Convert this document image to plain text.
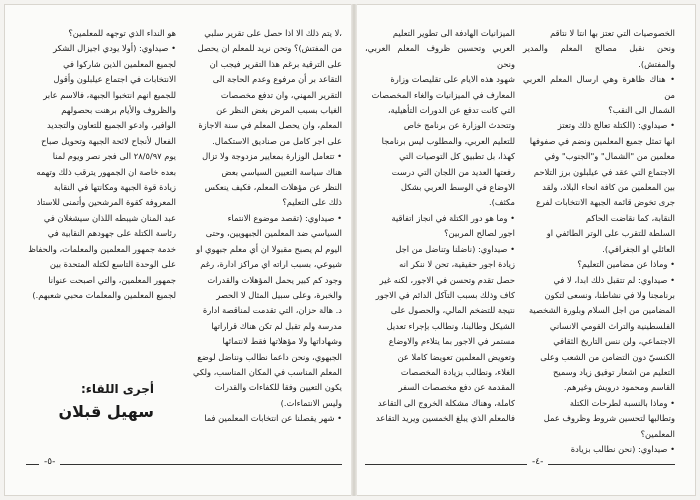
،لا يتم ذلك الا اذا حصل على تقرير سلبي
من المفتش)؟ وتحن نريد للمعلم ان يحصل
على الترقية برغم هذا التقرير فيجب ان
التقاعد بر أن مرفوع وعدم الحاجة الى
التقرير المهني، وان تدفع مخصصات
الغياب بسبب المرض بغض النظر عن
المعلم، وان يحصل المعلم في سنة الاجازة
على اجر كامل من صناديق الاستكمال.
• تتعامل الوزارة بمعايير مزدوجة ولا تزال
هناك سياسة التعيين السياسي بعض
النظر عن مؤهلات المعلم، فكيف ينعكس
ذلك على التعليم؟
• صيداوي: (تقصد موضوع الانتماء
السياسي ضد المعلمين الجبهويين، وحتى
اليوم لم يصبح مقبولا ان أي معلم جبهوي او
شيوعي، بسبب اراته اي مراكز ادارة، رغم
وجود كم كبير يحمل المؤهلات والقدرات
والخبرة، وعلى سبيل المثال لا الحصر
د. هالة حزان، التي تقدمت لمناقصة ادارة
مدرسة ولم تقبل لم تكن هناك قراراتها
وشهاداتها ولا مؤهلاتها فقط لانتمائها
الجبهوي، ونحن داعما نطالب ونناضل لوضع
المعلم المناسب في المكان المناسب، ولكي
يكون التعيين وفقا للكفاءات والقدرات
وليس الانتماءات.)
• شهر يقصلنا عن انتخابات المعلمين فما
هو النداء الذي توجهه للمعلمين؟
• صيداوي: (أولا يودي اجيزال الشكر
لجميع المعلمين الذين شاركوا في
الانتخابات في اجتماع عيلبلون وأقول
للجميع انهم انتخبوا الجبهة، فالاسم عابر
والظروف والأيام برهنت بحصولهم
الوافير، وادعو الجميع للتعاون والتجديد
الفعال لأنجاح لائحة الجبهة وتحويل صباح
يوم ٢٨/٥/٩٧ الى فجر نصر ويوم لمنا
بعده خاصة ان الجمهور يترقب ذلك وتهمه
زيادة قوة الجبهة ومكانتها في النقابة
المعروفة كقوة المرشحين وأتمنى للاستاذ
عبد المنان شيبطه اللذان سيشغلان في
رئاسة الكتلة على جهودهم النقابية في
خدمة جمهور المعلمين والمعلمات، والحفاظ
على الوحدة التاسع لكتلة المتحدة بين
جمهور المعلمين، والتي اصبحت عنوانا
لجميع المعلمين والمعلمات محبي شعبهم.)
أجرى اللقاء:
سهيل قبلان
-٥-
الخصوصيات التي تعتز بها انتا لا نتاقم
ونحن نقبل مصالح المعلم والمدير والمفتش).
• هناك ظاهرة وهي ارسال المعلم العربي من
الشمال الى النقب؟
• صيداوي: (الكتلة تعالج ذلك وتعتز
انها تمثل جميع المعلمين ونضم في صفوفها
معلمين من "الشمال" و"الجنوب" وفي
الاجتماع التي عقد في عيلبلون برز التلاحم
بين المعلمين من كافة انحاء البلاد، ولقد
جرى تخوض قائمة الجبهة الانتخابات لفرع
النقابة، كما نقاضت الحاكم
السلطة للتقرب على الوتر الطائفي او
العائلي او الجغرافي).
• وماذا عن مضامين التعليم؟
• صيداوي: لم تتقبل ذلك ابدا، لا في
برنامجنا ولا في نشاطنا، ونسعى لتكون
المضامين من اجل السلام وبلورة الشخصية
الفلسطينية والتراث القومي الانساني
الاجتماعي، ولن ننس التاريخ الثقافي
الكنسيّ دون التضامن من الشعب وعلى
التعليم من اشعار توفيق زياد وسميح
القاسم ومحمود درويش وغيرهم.
• وماذا بالنسبة لطرحات الكتلة
وتطالبها لتحسين شروط وظروف عمل
المعلمين؟
• صيداوي: (نحن نطالب بزيادة
الميزانيات الهادفة الى تطوير التعليم
العربي وتحسين ظروف المعلم العربي، ونحن
شهود هذه الايام على تقليصات وزارة
المعارف في الميزانيات والغاء المخصصات
التي كانت تدفع عن الدورات التأهيلية،
وتتحدث الوزارة عن برنامج خاص
للتعليم العربي، والمطلوب ليس برنامجا
كهذا، بل تطبيق كل التوصيات التي
رفعتها العديد من اللجان التي درست
الاوضاع في الوسط العربي بشكل
مكثف).
• وما هو دور الكتلة في انجاز اتفاقية
اجور لصالح المربين؟
• صيداوي: (ناضلنا وتناضل من اجل
زيادة اجور حقيقية، تحن لا ننكر انه
حصل تقدم وتحسن في الاجور، لكنه غير
كاف وذلك بسبب التآكل الدائم في الاجور
نتيجة للتضخم المالي، والحصول على
الشيكل وطالبنا، ونطالب بإجراء تعديل
مستمر في الاجور بما يتلاءم والاوضاع
وتعويض المعلمين تعويضا كاملا عن
الغلاء، ونطالب بزيادة المخصصات
المقدمة عن دفع مخصصات السفر
كاملة، وهناك مشكلة الخروج الى التقاعد
فالمعلم الذي يبلغ الخمسين ويريد التقاعد
-٤-
